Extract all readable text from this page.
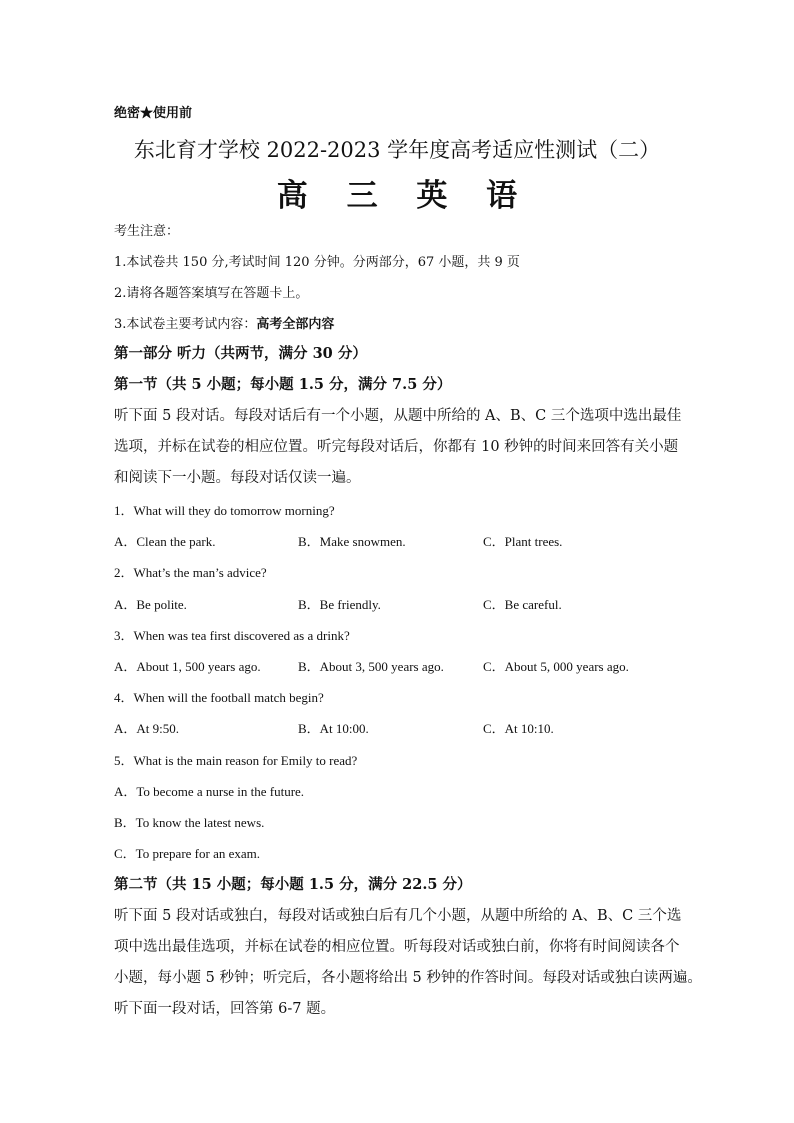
绝密★使用前
东北育才学校 2022-2023 学年度高考适应性测试（二）
高 三 英 语
考生注意：
1.本试卷共 150 分,考试时间 120 分钟。分两部分，67 小题，共 9 页
2.请将各题答案填写在答题卡上。
3.本试卷主要考试内容：高考全部内容
第一部分 听力（共两节，满分 30 分）
第一节（共 5 小题；每小题 1.5 分，满分 7.5 分）
听下面 5 段对话。每段对话后有一个小题，从题中所给的 A、B、C 三个选项中选出最佳
选项，并标在试卷的相应位置。听完每段对话后，你都有 10 秒钟的时间来回答有关小题
和阅读下一小题。每段对话仅读一遍。
1．What will they do tomorrow morning?
A．Clean the park.	B．Make snowmen.	C．Plant trees.
2．What’s the man’s advice?
A．Be polite.	B．Be friendly.	C．Be careful.
3．When was tea first discovered as a drink?
A．About 1, 500 years ago.	B．About 3, 500 years ago.	C．About 5, 000 years ago.
4．When will the football match begin?
A．At 9:50.	B．At 10:00.	C．At 10:10.
5．What is the main reason for Emily to read?
A．To become a nurse in the future.
B．To know the latest news.
C．To prepare for an exam.
第二节（共 15 小题；每小题 1.5 分，满分 22.5 分）
听下面 5 段对话或独白，每段对话或独白后有几个小题，从题中所给的 A、B、C 三个选
项中选出最佳选项，并标在试卷的相应位置。听每段对话或独白前，你将有时间阅读各个
小题，每小题 5 秒钟；听完后，各小题将给出 5 秒钟的作答时间。每段对话或独白读两遍。
听下面一段对话，回答第 6-7 题。
